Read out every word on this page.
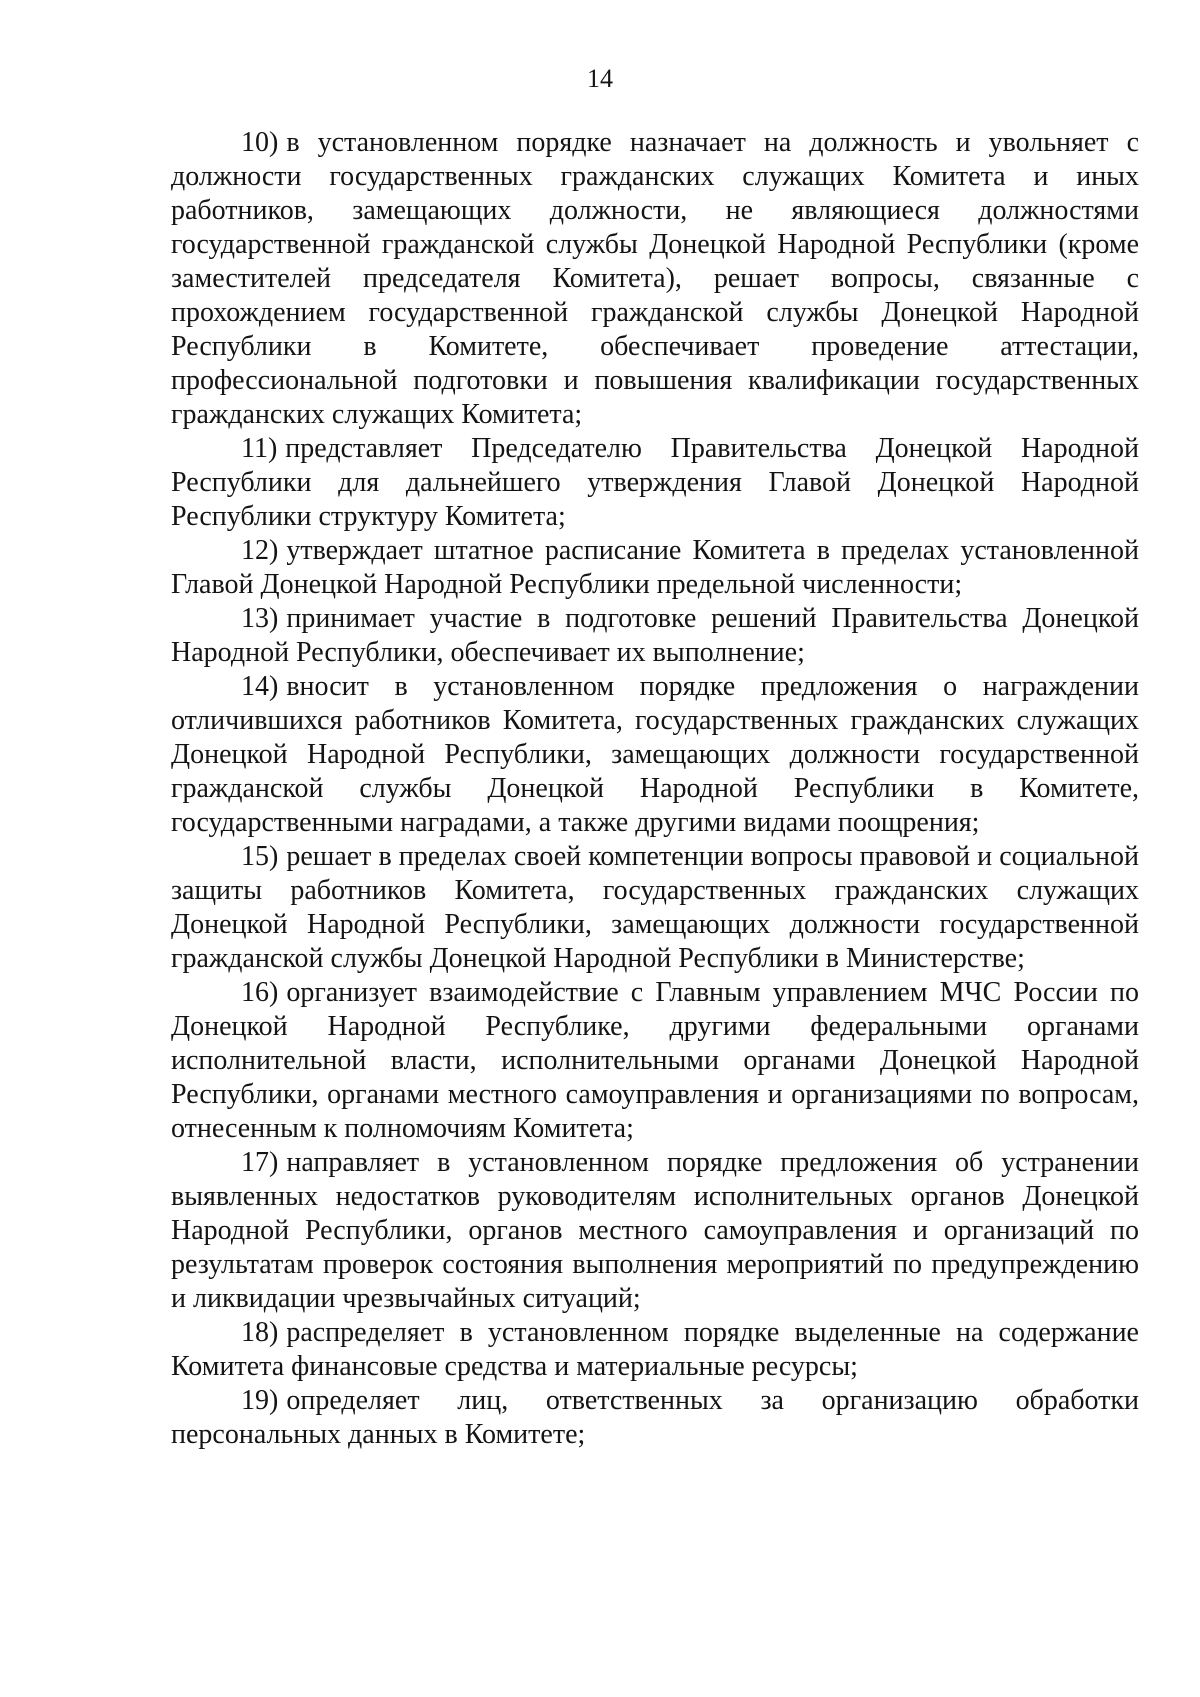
14

10) в установленном порядке назначает на должность и увольняет с должности государственных гражданских служащих Комитета и иных работников, замещающих должности, не являющиеся должностями государственной гражданской службы Донецкой Народной Республики (кроме заместителей председателя Комитета), решает вопросы, связанные с прохождением государственной гражданской службы Донецкой Народной Республики в Комитете, обеспечивает проведение аттестации, профессиональной подготовки и повышения квалификации государственных гражданских служащих Комитета;

11) представляет Председателю Правительства Донецкой Народной Республики для дальнейшего утверждения Главой Донецкой Народной Республики структуру Комитета;

12) утверждает штатное расписание Комитета в пределах установленной Главой Донецкой Народной Республики предельной численности;

13) принимает участие в подготовке решений Правительства Донецкой Народной Республики, обеспечивает их выполнение;

14) вносит в установленном порядке предложения о награждении отличившихся работников Комитета, государственных гражданских служащих Донецкой Народной Республики, замещающих должности государственной гражданской службы Донецкой Народной Республики в Комитете, государственными наградами, а также другими видами поощрения;

15) решает в пределах своей компетенции вопросы правовой и социальной защиты работников Комитета, государственных гражданских служащих Донецкой Народной Республики, замещающих должности государственной гражданской службы Донецкой Народной Республики в Министерстве;

16) организует взаимодействие с Главным управлением МЧС России по Донецкой Народной Республике, другими федеральными органами исполнительной власти, исполнительными органами Донецкой Народной Республики, органами местного самоуправления и организациями по вопросам, отнесенным к полномочиям Комитета;

17) направляет в установленном порядке предложения об устранении выявленных недостатков руководителям исполнительных органов Донецкой Народной Республики, органов местного самоуправления и организаций по результатам проверок состояния выполнения мероприятий по предупреждению и ликвидации чрезвычайных ситуаций;

18) распределяет в установленном порядке выделенные на содержание Комитета финансовые средства и материальные ресурсы;

19) определяет лиц, ответственных за организацию обработки персональных данных в Комитете;
